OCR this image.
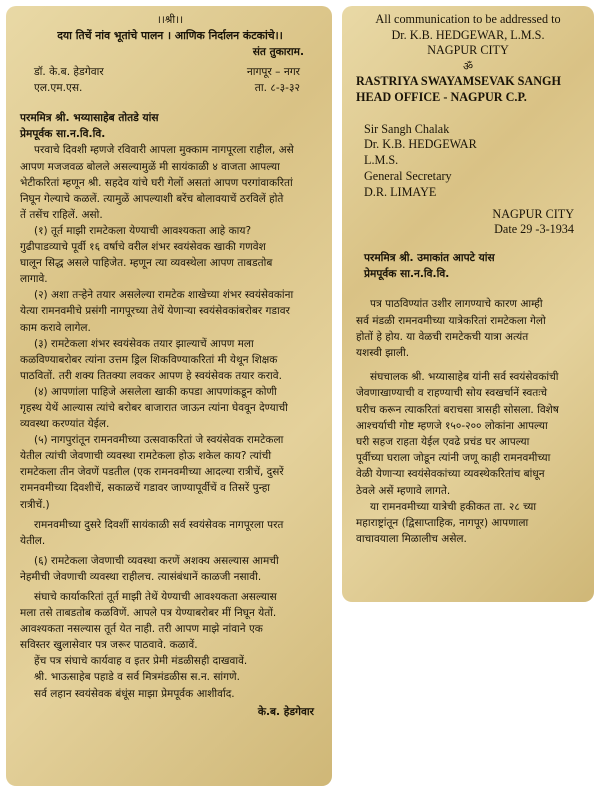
।।श्री।।
दया तिचें नांव भूतांचे पालन । आणिक निर्दालन कंटकांचे।।
संत तुकाराम.
डॉ. के.ब. हेडगेवार	नागपूर – नगर
एल.एम.एस.	ता. ८-३-३२
परममित्र श्री. भय्यासाहेब तोतडे यांस
प्रेमपूर्वक सा.न.वि.वि.
परवाचे दिवशी म्हणजे रविवारी आपला मुक्काम नागपूरला राहील, असे
आपण मजजवळ बोलले असल्यामुळें मी सायंकाळी ४ वाजता आपल्या
भेटीकरितां म्हणून श्री. सहदेव यांचे घरी गेलों असतां आपण परगांवाकरितां
निघून गेल्याचे कळलें. त्यामुळें आपल्याशी बरेंच बोलावयाचें ठरविलें होते
तें तसेंच राहिलें. असो.
(१) तूर्त माझी रामटेकला येण्याची आवश्यकता आहे काय?
गुढीपाडव्याचे पूर्वी १६ वर्षाचे वरील शंभर स्वयंसेवक खाकी गणवेश
घालून सिद्ध असले पाहिजेत. म्हणून त्या व्यवस्थेला आपण ताबडतोब
लागावे.
(२) अशा तऱ्हेने तयार असलेल्या रामटेक शाखेच्या शंभर स्वयंसेवकांना
येत्या रामनवमीचे प्रसंगी नागपूरच्या तेथें येणाऱ्या स्वयंसेवकांबरोबर गडावर
काम करावे लागेल.
(३) रामटेकला शंभर स्वयंसेवक तयार झाल्याचें आपण मला
कळविण्याबरोबर त्यांना उत्तम ड्रिल शिकविण्याकरितां मी येथून शिक्षक
पाठवितों. तरी शक्य तितक्या लवकर आपण हे स्वयंसेवक तयार करावे.
(४) आपणांला पाहिजे असलेला खाकी कपडा आपणांकडून कोणी
गृहस्थ येथें आल्यास त्यांचे बरोबर बाजारात जाऊन त्यांना घेववून देण्याची
व्यवस्था करण्यांत येईल.
(५) नागपुरांतून रामनवमीच्या उत्सवाकरितां जे स्वयंसेवक रामटेकला
येतील त्यांची जेवणाची व्यवस्था रामटेकला होऊ शकेल काय? त्यांची
रामटेकला तीन जेवणें पडतील (एक रामनवमीच्या आदल्या रात्रीचें, दुसरें
रामनवमीच्या दिवशीचें, सकाळचें गडावर जाण्यापूर्वीचें व तिसरें पुन्हा
रात्रीचें.)
रामनवमीच्या दुसरे दिवशीं सायंकाळी सर्व स्वयंसेवक नागपूरला परत
येतील.
(६) रामटेकला जेवणाची व्यवस्था करणें अशक्य असल्यास आमची
नेहमीची जेवणाची व्यवस्था राहीलच. त्यासंबंधानें काळजी नसावी.
संघाचे कार्याकरितां तूर्त माझी तेथें येण्याची आवश्यकता असल्यास
मला तसे ताबडतोब कळविणें. आपले पत्र येण्याबरोबर मीं निघून येतों.
आवश्यकता नसल्यास तूर्त येत नाही. तरी आपण माझे नांवाने एक
सविस्तर खुलासेवार पत्र जरूर पाठवावे. कळावें.
हेंच पत्र संघाचे कार्यवाह व इतर प्रेमी मंडळीसही दाखवावें.
श्री. भाऊसाहेब पहाडे व सर्व मित्रमंडळीस स.न. सांगणे.
सर्व लहान स्वयंसेवक बंधूंस माझा प्रेमपूर्वक आशीर्वाद.
के.ब. हेडगेवार
All communication to be addressed to
Dr. K.B. HEDGEWAR, L.M.S.
NAGPUR CITY
ॐ
RASTRIYA SWAYAMSEVAK SANGH
HEAD OFFICE - NAGPUR C.P.
Sir Sangh Chalak
Dr. K.B. HEDGEWAR
L.M.S.
General Secretary
D.R. LIMAYE
NAGPUR CITY
Date 29 -3-1934
परममित्र श्री. उमाकांत आपटे यांस
प्रेमपूर्वक सा.न.वि.वि.
पत्र पाठविण्यांत उशीर लागण्याचे कारण आम्ही
सर्व मंडळी रामनवमीच्या यात्रेकरितां रामटेकला गेलो
होतों हे होय. या वेळची रामटेकची यात्रा अत्यंत
यशस्वी झाली.
संघचालक श्री. भय्यासाहेब यांनी सर्व स्वयंसेवकांची
जेवणाखाण्याची व राहण्याची सोय स्वखर्चानें स्वतःचे
घरीच करून त्याकरितां बराचसा त्रासही सोसला. विशेष
आश्चर्याची गोष्ट म्हणजे १५०-२०० लोकांना आपल्या
घरी सहज राहता येईल एवढे प्रचंड घर आपल्या
पूर्वीच्या घराला जोडून त्यांनी जणू काही रामनवमीच्या
वेळी येणाऱ्या स्वयंसेवकांच्या व्यवस्थेकरितांच बांधून
ठेवले असें म्हणावे लागते.
या रामनवमीच्या यात्रेची हकीकत ता. २८ च्या
महाराष्ट्रांतून (द्विसाप्ताहिक, नागपूर) आपणाला
वाचावयाला मिळालीच असेल.
